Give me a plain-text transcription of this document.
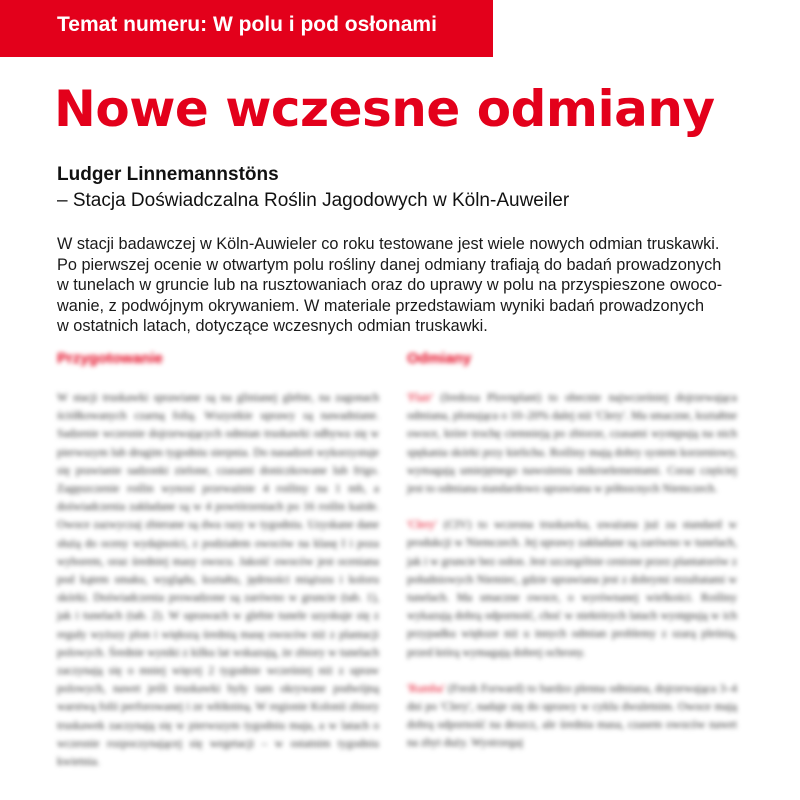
Temat numeru: W polu i pod osłonami
Nowe wczesne odmiany
Ludger Linnemannstöns
– Stacja Doświadczalna Roślin Jagodowych w Köln-Auweiler
W stacji badawczej w Köln-Auwieler co roku testowane jest wiele nowych odmian truskawki.
Po pierwszej ocenie w otwartym polu rośliny danej odmiany trafiają do badań prowadzonych
w tunelach w gruncie lub na rusztowaniach oraz do uprawy w polu na przyspieszone owoco-
wanie, z podwójnym okrywaniem. W materiale przedstawiam wyniki badań prowadzonych
w ostatnich latach, dotyczące wczesnych odmian truskawki.
Przygotowanie
W stacji truskawki sprawiane są na glinianej glebie, na zagonach ściółkowanych czarną folią. Wszystkie uprawy są nawadniane. Sadzenie wczesnie dojrzewających odmian truskawki odbywa się w pierwszym lub drugim tygodniu sierpnia. Do nasadzeń wykorzystuje się prawianie sadzonki zielone, czasami doniczkowane lub frigo. Zagęszczenie roślin wynosi przeważnie 4 rośliny na 1 mb, a doświadczenia zakładane są w 4 powtórzeniach po 16 roślin każde. Owoce zazwyczaj zbierane są dwa razy w tygodniu. Uzyskane dane służą do oceny wydajności, z podziałem owoców na klasę I i poza wyborem, oraz średniej masy owocu. Jakość owoców jest oceniana pod kątem smaku, wyglądu, kształtu, jędrności miąższu i koloru skórki. Doświadczenia prowadzone są zarówno w gruncie (tab. 1), jak i tunelach (tab. 2). W uprawach w glebie tunele uzyskuje się z reguły wyższy plon i większą średnią masę owoców niż z plantacji polowych. Średnie wyniki z kilku lat wskazują, że zbiory w tunelach zaczynają się o mniej więcej 2 tygodnie wcześniej niż z upraw polowych, nawet jeśli truskawki były tam okrywane podwójną warstwą folii perforowanej i ze włókniną. W regionie Kolonii zbiory truskawek zaczynają się w pierwszym tygodniu maja, a w latach o wczesnie rozpoczynającej się wegetacji – w ostatnim tygodniu kwietnia.
Odmiany
'Flair' (Iredoxa Plovnplant) to obecnie najwcześniej dojrzewająca odmiana, plonująca o 10–20% dalej niż 'Clery'. Ma smaczne, kształtne owoce, które trochę ciemnieją po zbiorze, czasami występują na nich spękania skórki przy kielichu. Rośliny mają dobry system korzeniowy, wymagają umiejętnego nawożenia mikroelementami. Coraz częściej jest to odmiana standardowo uprawiana w północnych Niemczech.
'Clery' (CIV) to wczesna truskawka, uważana już za standard w produkcji w Niemczech. Jej uprawy zakładane są zarówno w tunelach, jak i w gruncie bez osłon. Jest szczególnie cenione przez plantatorów z południowych Niemiec, gdzie uprawiana jest z dobrymi rezultatami w tunelach. Ma smaczne owoce, o wyrównanej wielkości. Rośliny wykazują dobrą odporność, choć w niektórych latach występują w ich przypadku większe niż u innych odmian problemy z szarą pleśnią, przed którą wymagają dobrej ochrony.
'Rumba' (Fresh Forward) to bardzo plenna odmiana, dojrzewająca 3–4 dni po 'Clery', nadaje się do uprawy w cyklu dwuletnim. Owoce mają dobrą odporność na deszcz, ale średnia masa, czasem owoców nawet na zbyt duży. Wystrzegaj
